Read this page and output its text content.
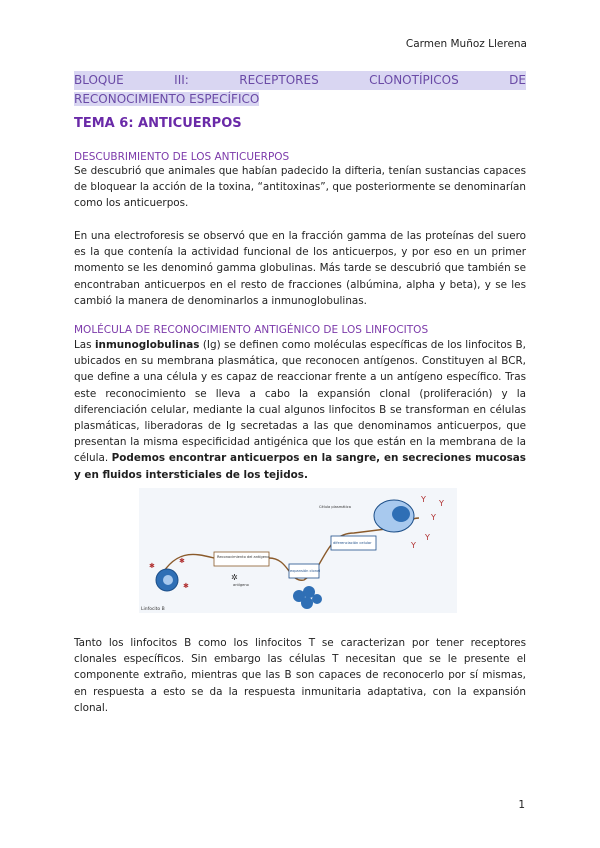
Carmen Muñoz Llerena
BLOQUE	III:	RECEPTORES	CLONOTÍPICOS	DE
RECONOCIMIENTO ESPECÍFICO
TEMA 6: ANTICUERPOS
DESCUBRIMIENTO DE LOS ANTICUERPOS
Se descubrió que animales que habían padecido la difteria, tenían sustancias capaces de bloquear la acción de la toxina, “antitoxinas”, que posteriormente se denominarían como los anticuerpos.
En una electroforesis se observó que en la fracción gamma de las proteínas del suero es la que contenía la actividad funcional de los anticuerpos, y por eso en un primer momento se les denominó gamma globulinas. Más tarde se descubrió que también se encontraban anticuerpos en el resto de fracciones (albúmina, alpha y beta), y se les cambió la manera de denominarlos a inmunoglobulinas.
MOLÉCULA DE RECONOCIMIENTO ANTIGÉNICO DE LOS LINFOCITOS
Las inmunoglobulinas (Ig) se definen como moléculas específicas de los linfocitos B, ubicados en su membrana plasmática, que reconocen antígenos. Constituyen al BCR, que define a una célula y es capaz de reaccionar frente a un antígeno específico. Tras este reconocimiento se lleva a cabo la expansión clonal (proliferación) y la diferenciación celular, mediante la cual algunos linfocitos B se transforman en células plasmáticas, liberadoras de Ig secretadas a las que denominamos anticuerpos, que presentan la misma especificidad antigénica que los que están en la membrana de la célula. Podemos encontrar anticuerpos en la sangre, en secreciones mucosas y en fluidos intersticiales de los tejidos.
Linfocito B
✱
✱
✱
Reconocimiento del antígeno
✲
antígeno
expansión clonal
diferenciación celular
Célula plasmática
Y
Y
Y
Y
Y
Tanto los linfocitos B como los linfocitos T se caracterizan por tener receptores clonales específicos. Sin embargo las células T necesitan que se le presente el componente extraño, mientras que las B son capaces de reconocerlo por sí mismas, en respuesta a esto se da la respuesta inmunitaria adaptativa, con la expansión clonal.
1
